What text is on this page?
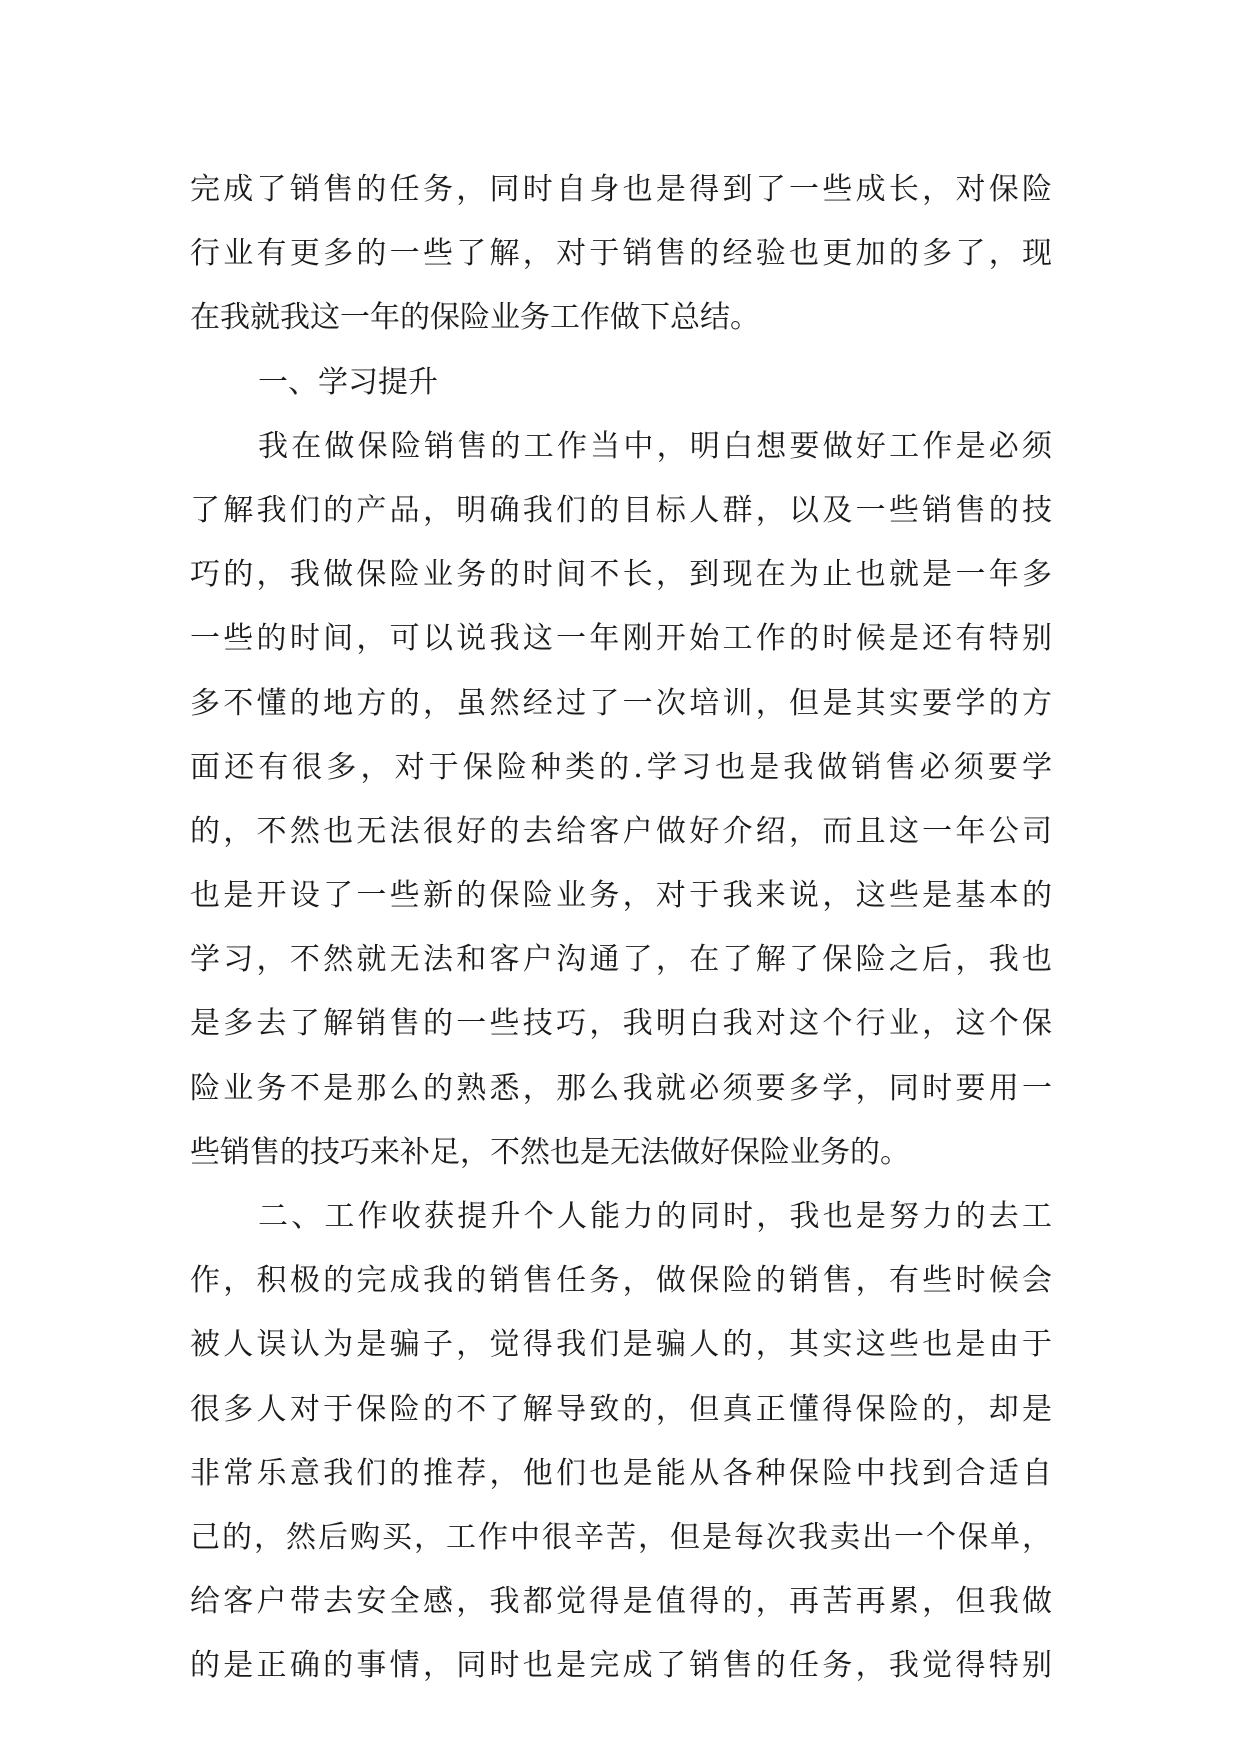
完成了销售的任务，同时自身也是得到了一些成长，对保险
行业有更多的一些了解，对于销售的经验也更加的多了，现
在我就我这一年的保险业务工作做下总结。
一、学习提升
我在做保险销售的工作当中，明白想要做好工作是必须
了解我们的产品，明确我们的目标人群，以及一些销售的技
巧的，我做保险业务的时间不长，到现在为止也就是一年多
一些的时间，可以说我这一年刚开始工作的时候是还有特别
多不懂的地方的，虽然经过了一次培训，但是其实要学的方
面还有很多，对于保险种类的.学习也是我做销售必须要学
的，不然也无法很好的去给客户做好介绍，而且这一年公司
也是开设了一些新的保险业务，对于我来说，这些是基本的
学习，不然就无法和客户沟通了，在了解了保险之后，我也
是多去了解销售的一些技巧，我明白我对这个行业，这个保
险业务不是那么的熟悉，那么我就必须要多学，同时要用一
些销售的技巧来补足，不然也是无法做好保险业务的。
二、工作收获提升个人能力的同时，我也是努力的去工
作，积极的完成我的销售任务，做保险的销售，有些时候会
被人误认为是骗子，觉得我们是骗人的，其实这些也是由于
很多人对于保险的不了解导致的，但真正懂得保险的，却是
非常乐意我们的推荐，他们也是能从各种保险中找到合适自
己的，然后购买，工作中很辛苦，但是每次我卖出一个保单，
给客户带去安全感，我都觉得是值得的，再苦再累，但我做
的是正确的事情，同时也是完成了销售的任务，我觉得特别
